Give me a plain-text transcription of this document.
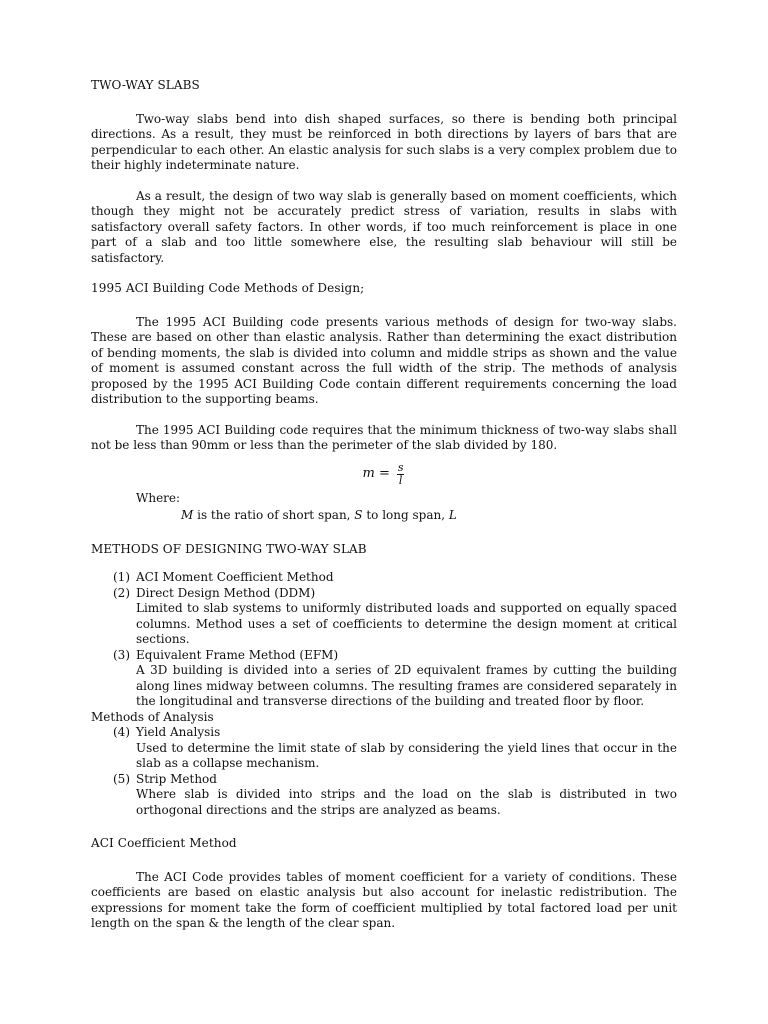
TWO-WAY SLABS

Two-way slabs bend into dish shaped surfaces, so there is bending both principal directions. As a result, they must be reinforced in both directions by layers of bars that are perpendicular to each other. An elastic analysis for such slabs is a very complex problem due to their highly indeterminate nature.

As a result, the design of two way slab is generally based on moment coefficients, which though they might not be accurately predict stress of variation, results in slabs with satisfactory overall safety factors. In other words, if too much reinforcement is place in one part of a slab and too little somewhere else, the resulting slab behaviour will still be satisfactory.

1995 ACI Building Code Methods of Design;

The 1995 ACI Building code presents various methods of design for two-way slabs. These are based on other than elastic analysis. Rather than determining the exact distribution of bending moments, the slab is divided into column and middle strips as shown and the value of moment is assumed constant across the full width of the strip. The methods of analysis proposed by the 1995 ACI Building Code contain different requirements concerning the load distribution to the supporting beams.

The 1995 ACI Building code requires that the minimum thickness of two-way slabs shall not be less than 90mm or less than the perimeter of the slab divided by 180.

$m = \frac{s}{l}$

Where:

M is the ratio of short span, S to long span, L

METHODS OF DESIGNING TWO-WAY SLAB

(1) ACI Moment Coefficient Method
(2) Direct Design Method (DDM)
Limited to slab systems to uniformly distributed loads and supported on equally spaced columns. Method uses a set of coefficients to determine the design moment at critical sections.
(3) Equivalent Frame Method (EFM)
A 3D building is divided into a series of 2D equivalent frames by cutting the building along lines midway between columns. The resulting frames are considered separately in the longitudinal and transverse directions of the building and treated floor by floor.

Methods of Analysis

(4) Yield Analysis
Used to determine the limit state of slab by considering the yield lines that occur in the slab as a collapse mechanism.
(5) Strip Method
Where slab is divided into strips and the load on the slab is distributed in two orthogonal directions and the strips are analyzed as beams.

ACI Coefficient Method

The ACI Code provides tables of moment coefficient for a variety of conditions. These coefficients are based on elastic analysis but also account for inelastic redistribution. The expressions for moment take the form of coefficient multiplied by total factored load per unit length on the span & the length of the clear span.
